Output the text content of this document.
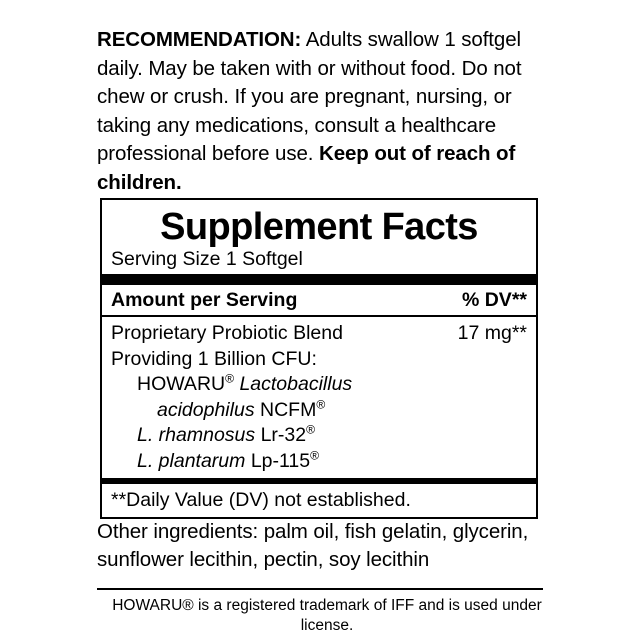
RECOMMENDATION: Adults swallow 1 softgel daily. May be taken with or without food. Do not chew or crush. If you are pregnant, nursing, or taking any medications, consult a healthcare professional before use. Keep out of reach of children.
Supplement Facts
Serving Size 1 Softgel
Amount per Serving	% DV**
Proprietary Probiotic Blend	17 mg**
Providing 1 Billion CFU:
HOWARU® Lactobacillus
acidophilus NCFM®
L. rhamnosus Lr-32®
L. plantarum Lp-115®
**Daily Value (DV) not established.
Other ingredients: palm oil, fish gelatin, glycerin, sunflower lecithin, pectin, soy lecithin
HOWARU® is a registered trademark of IFF and is used under license.
